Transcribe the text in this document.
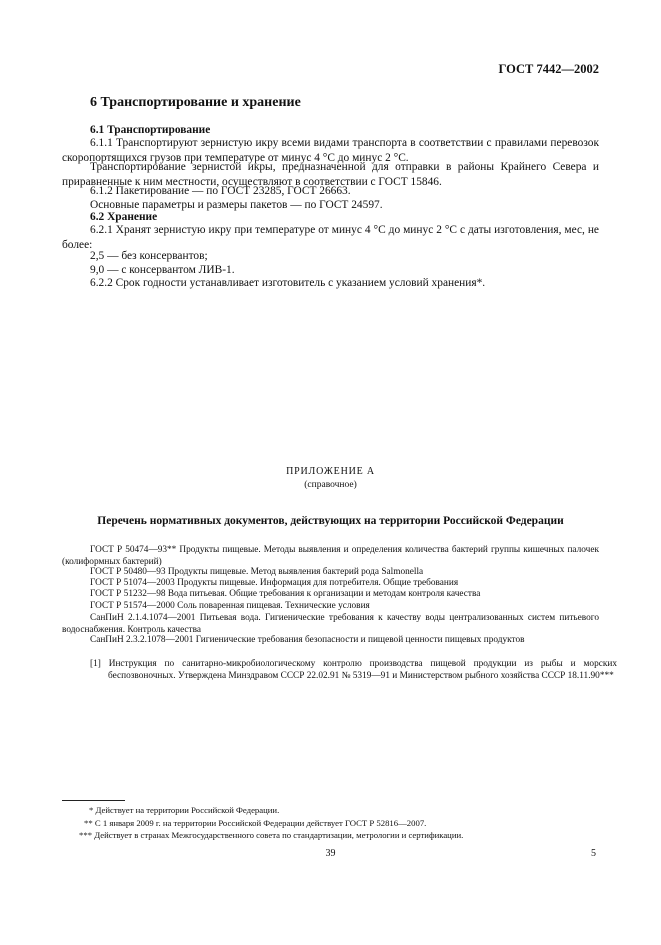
ГОСТ 7442—2002
6 Транспортирование и хранение
6.1 Транспортирование
6.1.1 Транспортируют зернистую икру всеми видами транспорта в соответствии с правилами перевозок скоропортящихся грузов при температуре от минус 4 °С до минус 2 °С.
Транспортирование зернистой икры, предназначенной для отправки в районы Крайнего Севера и приравненные к ним местности, осуществляют в соответствии с ГОСТ 15846.
6.1.2 Пакетирование — по ГОСТ 23285, ГОСТ 26663.
Основные параметры и размеры пакетов — по ГОСТ 24597.
6.2 Хранение
6.2.1 Хранят зернистую икру при температуре от минус 4 °С до минус 2 °С с даты изготовления, мес, не более:
2,5 — без консервантов;
9,0 — с консервантом ЛИВ-1.
6.2.2 Срок годности устанавливает изготовитель с указанием условий хранения*.
ПРИЛОЖЕНИЕ А
(справочное)
Перечень нормативных документов, действующих на территории Российской Федерации
ГОСТ Р 50474—93** Продукты пищевые. Методы выявления и определения количества бактерий группы кишечных палочек (колиформных бактерий)
ГОСТ Р 50480—93 Продукты пищевые. Метод выявления бактерий рода Salmonella
ГОСТ Р 51074—2003 Продукты пищевые. Информация для потребителя. Общие требования
ГОСТ Р 51232—98 Вода питьевая. Общие требования к организации и методам контроля качества
ГОСТ Р 51574—2000 Соль поваренная пищевая. Технические условия
СанПиН 2.1.4.1074—2001 Питьевая вода. Гигиенические требования к качеству воды централизованных систем питьевого водоснабжения. Контроль качества
СанПиН 2.3.2.1078—2001 Гигиенические требования безопасности и пищевой ценности пищевых продуктов
[1] Инструкция по санитарно-микробиологическому контролю производства пищевой продукции из рыбы и морских беспозвоночных. Утверждена Минздравом СССР 22.02.91 № 5319—91 и Министерством рыбного хозяйства СССР 18.11.90***
* Действует на территории Российской Федерации.
** С 1 января 2009 г. на территории Российской Федерации действует ГОСТ Р 52816—2007.
*** Действует в странах Межгосударственного совета по стандартизации, метрологии и сертификации.
39	5
